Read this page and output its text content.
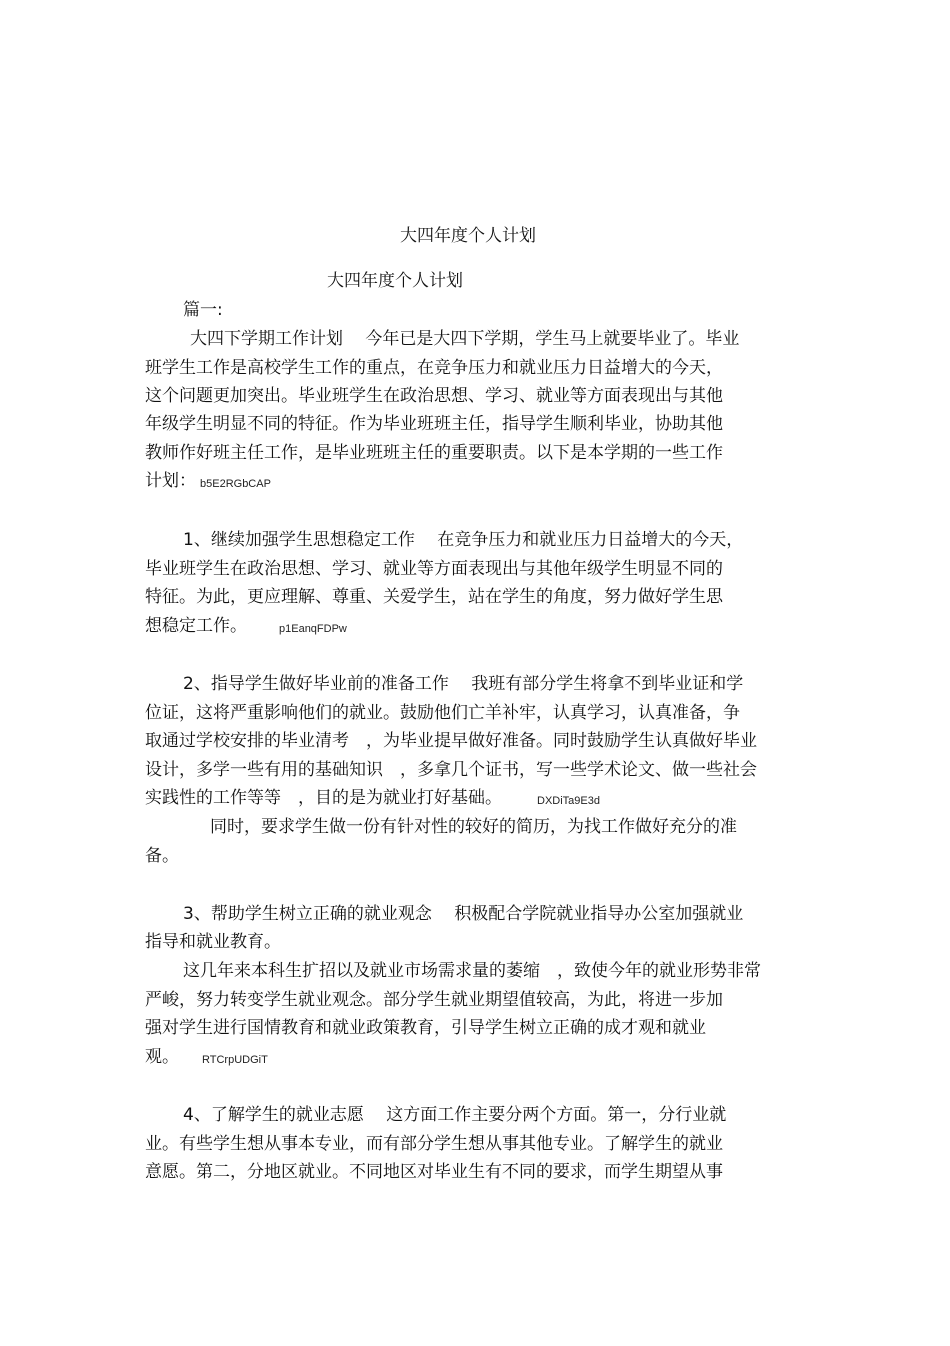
大四年度个人计划
大四年度个人计划
篇一:
大四下学期工作计划　 今年已是大四下学期，学生马上就要毕业了。毕业
班学生工作是高校学生工作的重点，在竞争压力和就业压力日益增大的今天，
这个问题更加突出。毕业班学生在政治思想、学习、就业等方面表现出与其他
年级学生明显不同的特征。作为毕业班班主任，指导学生顺利毕业，协助其他
教师作好班主任工作，是毕业班班主任的重要职责。以下是本学期的一些工作
计划： b5E2RGbCAP
1、继续加强学生思想稳定工作　 在竞争压力和就业压力日益增大的今天，
毕业班学生在政治思想、学习、就业等方面表现出与其他年级学生明显不同的
特征。为此，更应理解、尊重、关爱学生，站在学生的角度，努力做好学生思
想稳定工作。	p1EanqFDPw
2、指导学生做好毕业前的准备工作　 我班有部分学生将拿不到毕业证和学
位证，这将严重影响他们的就业。鼓励他们亡羊补牢，认真学习，认真准备，争
取通过学校安排的毕业清考　，为毕业提早做好准备。同时鼓励学生认真做好毕业
设计，多学一些有用的基础知识　，多拿几个证书，写一些学术论文、做一些社会
实践性的工作等等　，目的是为就业打好基础。	DXDiTa9E3d
同时，要求学生做一份有针对性的较好的简历，为找工作做好充分的准
备。
3、帮助学生树立正确的就业观念　 积极配合学院就业指导办公室加强就业
指导和就业教育。
这几年来本科生扩招以及就业市场需求量的萎缩　，致使今年的就业形势非常
严峻，努力转变学生就业观念。部分学生就业期望值较高，为此，将进一步加
强对学生进行国情教育和就业政策教育，引导学生树立正确的成才观和就业
观。 RTCrpUDGiT
4、了解学生的就业志愿　 这方面工作主要分两个方面。第一，分行业就
业。有些学生想从事本专业，而有部分学生想从事其他专业。了解学生的就业
意愿。第二，分地区就业。不同地区对毕业生有不同的要求，而学生期望从事
